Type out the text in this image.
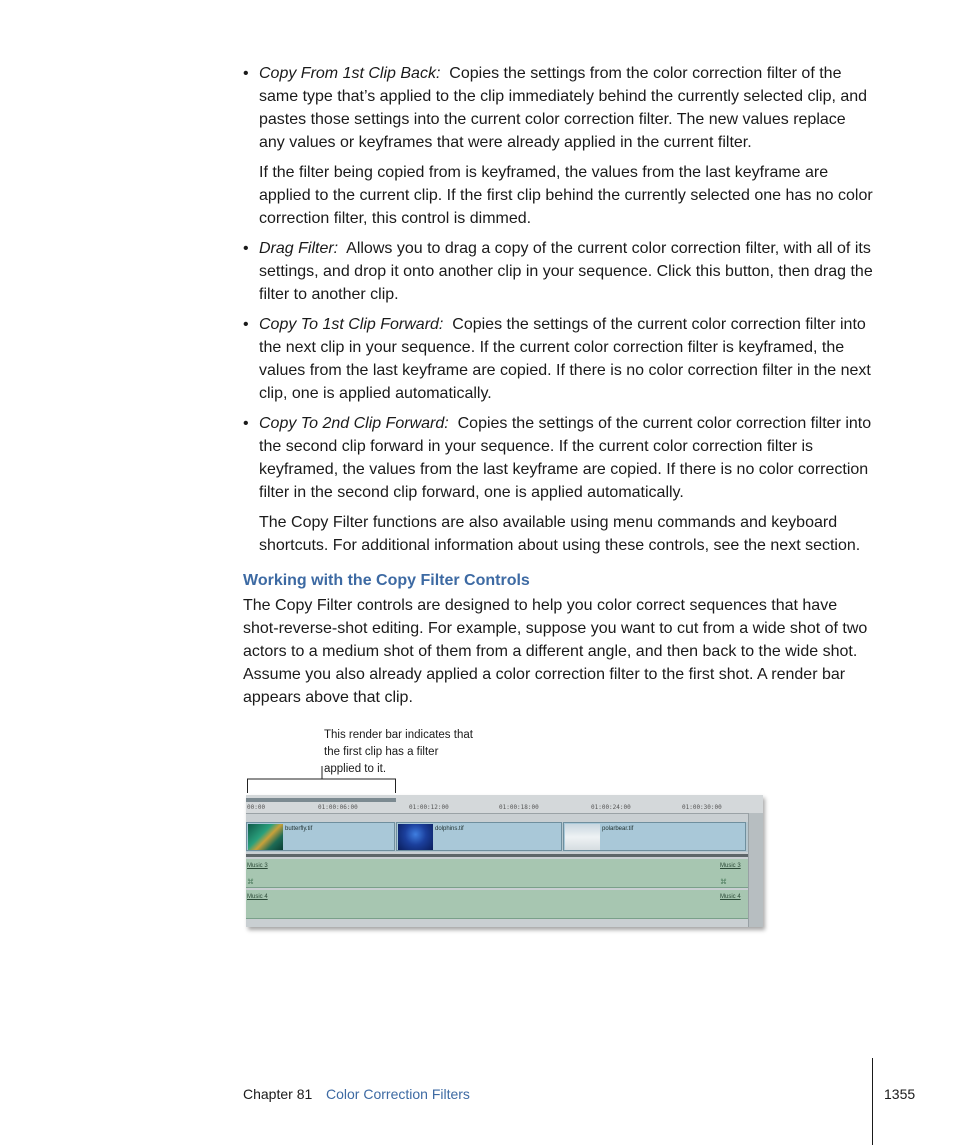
• Copy From 1st Clip Back: Copies the settings from the color correction filter of the same type that’s applied to the clip immediately behind the currently selected clip, and pastes those settings into the current color correction filter. The new values replace any values or keyframes that were already applied in the current filter.
If the filter being copied from is keyframed, the values from the last keyframe are applied to the current clip. If the first clip behind the currently selected one has no color correction filter, this control is dimmed.
• Drag Filter: Allows you to drag a copy of the current color correction filter, with all of its settings, and drop it onto another clip in your sequence. Click this button, then drag the filter to another clip.
• Copy To 1st Clip Forward: Copies the settings of the current color correction filter into the next clip in your sequence. If the current color correction filter is keyframed, the values from the last keyframe are copied. If there is no color correction filter in the next clip, one is applied automatically.
• Copy To 2nd Clip Forward: Copies the settings of the current color correction filter into the second clip forward in your sequence. If the current color correction filter is keyframed, the values from the last keyframe are copied. If there is no color correction filter in the second clip forward, one is applied automatically.
The Copy Filter functions are also available using menu commands and keyboard shortcuts. For additional information about using these controls, see the next section.
Working with the Copy Filter Controls
The Copy Filter controls are designed to help you color correct sequences that have shot-reverse-shot editing. For example, suppose you want to cut from a wide shot of two actors to a medium shot of them from a different angle, and then back to the wide shot. Assume you also already applied a color correction filter to the first shot. A render bar appears above that clip.
This render bar indicates that the first clip has a filter applied to it.
00:00	01:00:06:00	01:00:12:00	01:00:18:00	01:00:24:00	01:00:30:00
butterfly.tif	dolphins.tif	polarbear.tif
Music 3	Music 3
⌘	⌘
Music 4	Music 4
Chapter 81 Color Correction Filters	1355
